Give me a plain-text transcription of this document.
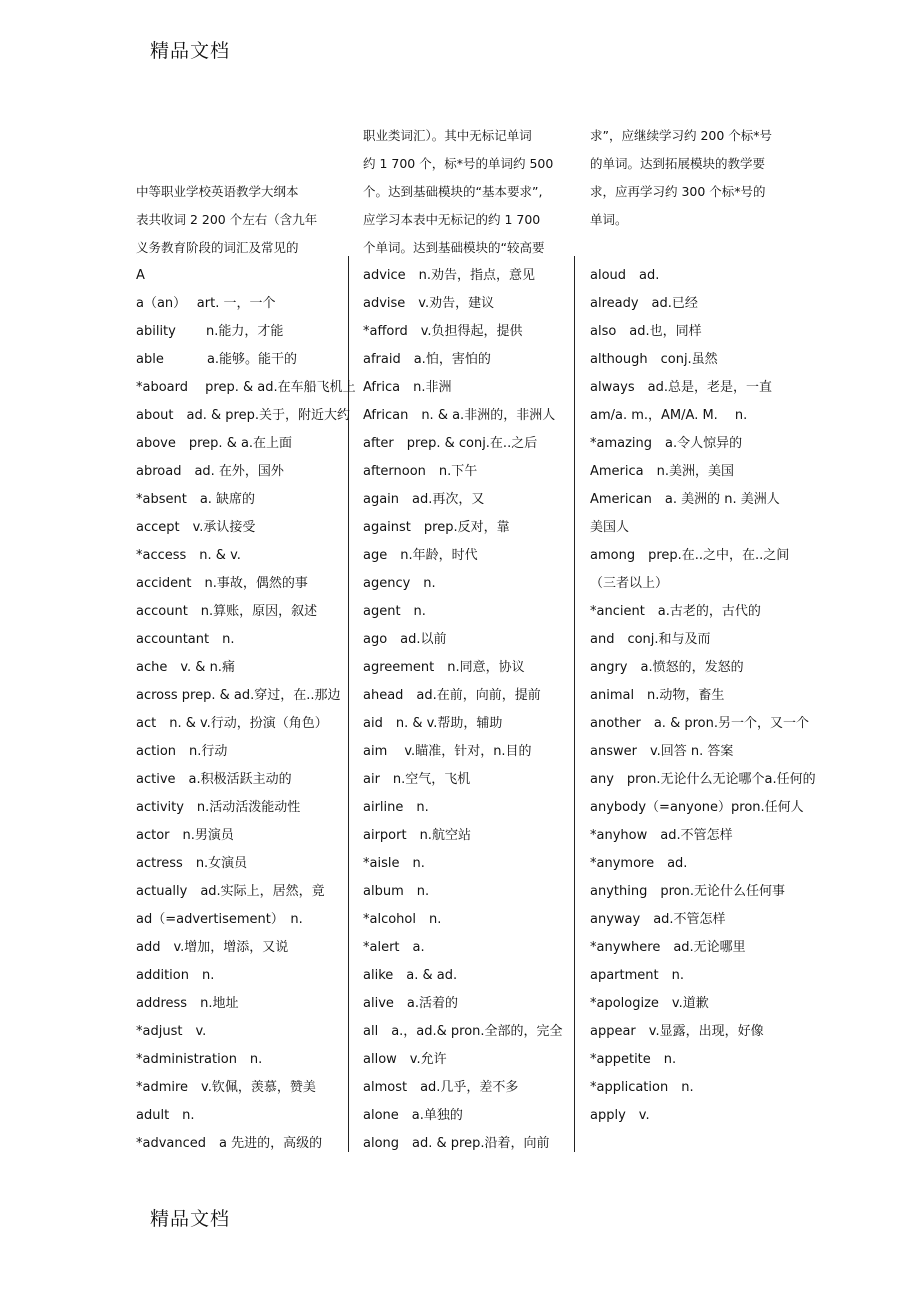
精品文档
中等职业学校英语教学大纲本
表共收词 2 200 个左右（含九年
义务教育阶段的词汇及常见的
职业类词汇）。其中无标记单词
约 1 700 个，标*号的单词约 500
个。达到基础模块的“基本要求”,
应学习本表中无标记的约 1 700
个单词。达到基础模块的“较高要
求”，应继续学习约 200 个标*号
的单词。达到拓展模块的教学要
求，应再学习约 300 个标*号的
单词。
A
a（an）　 art. 一，一个
ability　　 n.能力，才能
able　　　 a.能够。能干的
*aboard　 prep. & ad.在车船飞机上
about　ad. & prep.关于，附近大约
above　prep. & a.在上面
abroad　ad. 在外，国外
*absent　a. 缺席的
accept　v.承认接受
*access　n. & v.
accident　n.事故，偶然的事
account　n.算账，原因，叙述
accountant　n.
ache　v. & n.痛
across prep. & ad.穿过，在..那边
act　n. & v.行动，扮演（角色）
action　n.行动
active　a.积极活跃主动的
activity　n.活动活泼能动性
actor　n.男演员
actress　n.女演员
actually　ad.实际上，居然，竟
ad（=advertisement）　n.
add　v.增加，增添，又说
addition　n.
address　n.地址
*adjust　v.
*administration　n.
*admire　v.钦佩，羡慕，赞美
adult　n.
*advanced　a 先进的，高级的
advice　n.劝告，指点，意见
advise　v.劝告，建议
*afford　v.负担得起，提供
afraid　a.怕，害怕的
Africa　n.非洲
African　n. & a.非洲的，非洲人
after　prep. & conj.在..之后
afternoon　n.下午
again　ad.再次，又
against　prep.反对，靠
age　n.年龄，时代
agency　n.
agent　n.
ago　ad.以前
agreement　n.同意，协议
ahead　ad.在前，向前，提前
aid　n. & v.帮助，辅助
aim　 v.瞄准，针对，n.目的
air　n.空气，飞机
airline　n.
airport　n.航空站
*aisle　n.
album　n.
*alcohol　n.
*alert　a.
alike　a. & ad.
alive　a.活着的
all　a.，ad.& pron.全部的，完全
allow　v.允许
almost　ad.几乎，差不多
alone　a.单独的
along　ad. & prep.沿着，向前
aloud　ad.
already　ad.已经
also　ad.也，同样
although　conj.虽然
always　ad.总是，老是，一直
am/a. m.，AM/A. M.　 n.
*amazing　a.令人惊异的
America　n.美洲，美国
American　a. 美洲的 n. 美洲人 美国人
among　prep.在..之中，在..之间（三者以上）
*ancient　a.古老的，古代的
and　conj.和与及而
angry　a.愤怒的，发怒的
animal　n.动物，畜生
another　a. & pron.另一个，又一个
answer　v.回答 n. 答案
any　pron.无论什么无论哪个a.任何的
anybody（=anyone）pron.任何人
*anyhow　ad.不管怎样
*anymore　ad.
anything　pron.无论什么任何事
anyway　ad.不管怎样
*anywhere　ad.无论哪里
apartment　n.
*apologize　v.道歉
appear　v.显露，出现，好像
*appetite　n.
*application　n.
apply　v.
精品文档
